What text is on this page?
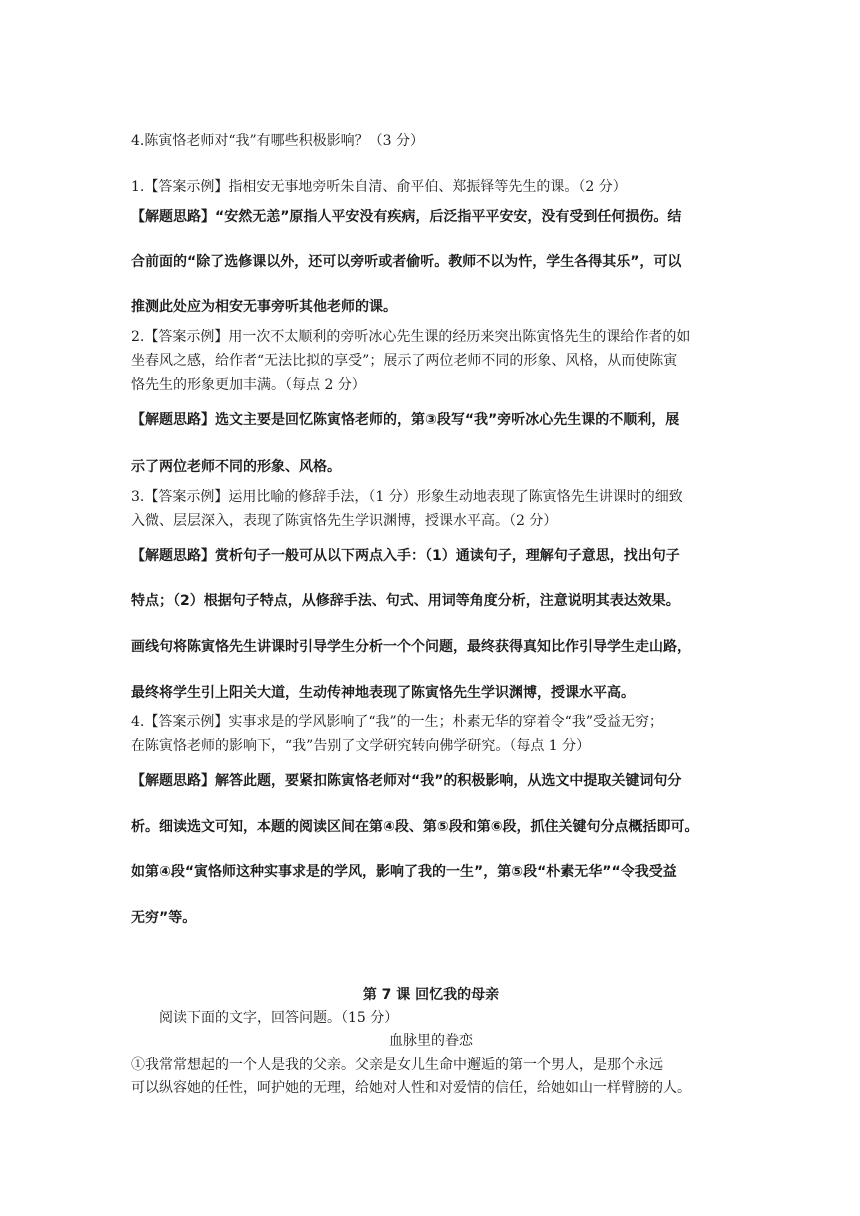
4.陈寅恪老师对“我”有哪些积极影响？（3 分）

1.【答案示例】指相安无事地旁听朱自清、俞平伯、郑振铎等先生的课。（2 分）

【解题思路】“安然无恙”原指人平安没有疾病，后泛指平平安安，没有受到任何损伤。结

合前面的“除了选修课以外，还可以旁听或者偷听。教师不以为忤，学生各得其乐”，可以

推测此处应为相安无事旁听其他老师的课。

2.【答案示例】用一次不太顺利的旁听冰心先生课的经历来突出陈寅恪先生的课给作者的如

坐春风之感，给作者“无法比拟的享受”；展示了两位老师不同的形象、风格，从而使陈寅

恪先生的形象更加丰满。（每点 2 分）

【解题思路】选文主要是回忆陈寅恪老师的，第③段写“我”旁听冰心先生课的不顺利，展

示了两位老师不同的形象、风格。

3.【答案示例】运用比喻的修辞手法，（1 分）形象生动地表现了陈寅恪先生讲课时的细致

入微、层层深入，表现了陈寅恪先生学识渊博，授课水平高。（2 分）

【解题思路】赏析句子一般可从以下两点入手：（1）通读句子，理解句子意思，找出句子

特点；（2）根据句子特点，从修辞手法、句式、用词等角度分析，注意说明其表达效果。

画线句将陈寅恪先生讲课时引导学生分析一个个问题，最终获得真知比作引导学生走山路，

最终将学生引上阳关大道，生动传神地表现了陈寅恪先生学识渊博，授课水平高。

4.【答案示例】实事求是的学风影响了“我”的一生；朴素无华的穿着令“我”受益无穷；

在陈寅恪老师的影响下，“我”告别了文学研究转向佛学研究。（每点 1 分）

【解题思路】解答此题，要紧扣陈寅恪老师对“我”的积极影响，从选文中提取关键词句分

析。细读选文可知，本题的阅读区间在第④段、第⑤段和第⑥段，抓住关键句分点概括即可。

如第④段“寅恪师这种实事求是的学风，影响了我的一生”，第⑤段“朴素无华”“令我受益

无穷”等。

第 7 课 回忆我的母亲

阅读下面的文字，回答问题。（15 分）

血脉里的眷恋

①我常常想起的一个人是我的父亲。父亲是女儿生命中邂逅的第一个男人，是那个永远

可以纵容她的任性，呵护她的无理，给她对人性和对爱情的信任，给她如山一样臂膀的人。
